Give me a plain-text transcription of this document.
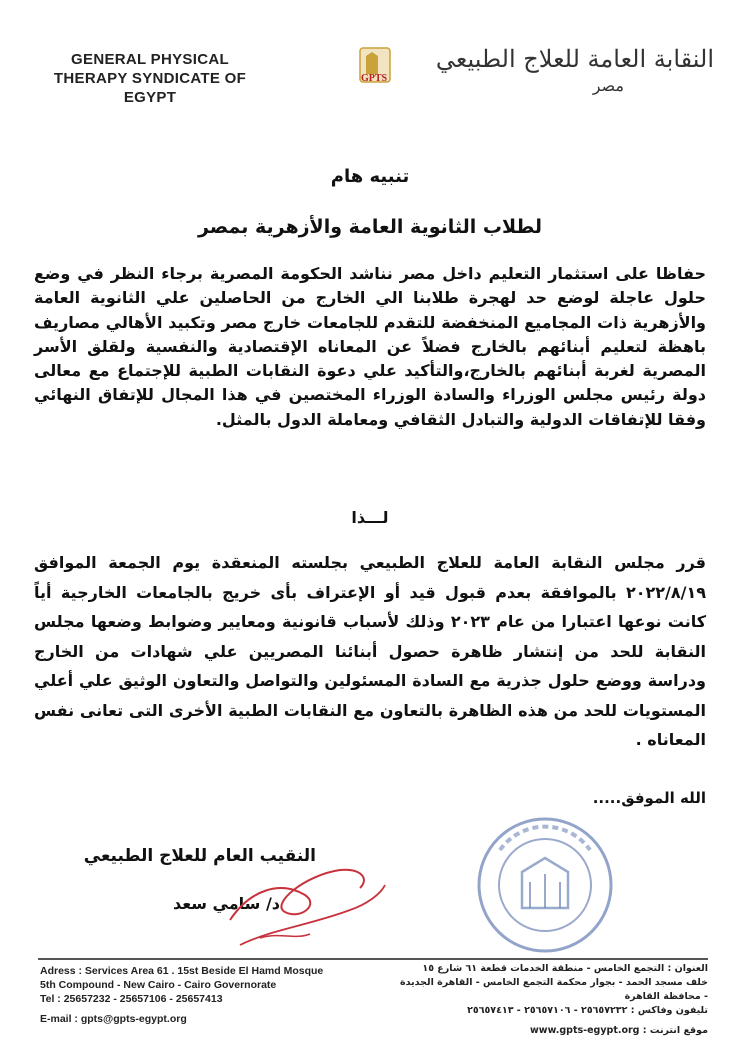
GENERAL PHYSICAL THERAPY SYNDICATE OF EGYPT
GPTS
النقابة العامة للعلاج الطبيعي
مصر
تنبيه هام
لطلاب الثانوية العامة والأزهرية بمصر
حفاظا على استثمار التعليم داخل مصر نناشد الحكومة المصرية برجاء النظر في وضع حلول عاجلة لوضع حد لهجرة طلابنا الي الخارج من الحاصلين علي الثانوية العامة والأزهرية ذات المجاميع المنخفضة للتقدم للجامعات خارج مصر وتكبيد الأهالي مصاريف باهظة لتعليم أبنائهم بالخارج فضلاً عن المعاناه الإقتصادية والنفسية ولقلق الأسر المصرية لغربة أبنائهم بالخارج،والتأكيد علي دعوة النقابات الطبية للإجتماع مع معالى دولة رئيس مجلس الوزراء والسادة الوزراء المختصين في هذا المجال للإتفاق النهائي وفقا للإتفاقات الدولية والتبادل الثقافي ومعاملة الدول بالمثل.
لـــذا
قرر مجلس النقابة العامة للعلاج الطبيعي بجلسته المنعقدة يوم الجمعة الموافق ٢٠٢٢/٨/١٩ بالموافقة بعدم قبول قيد أو الإعتراف بأى خريج بالجامعات الخارجية أياً كانت نوعها اعتبارا من عام ٢٠٢٣ وذلك لأسباب قانونية ومعايير وضوابط وضعها مجلس النقابة للحد من إنتشار ظاهرة حصول أبنائنا المصريين علي شهادات من الخارج ودراسة ووضع حلول جذرية مع السادة المسئولين والتواصل والتعاون الوثيق علي أعلي المستويات للحد من هذه الظاهرة بالتعاون مع النقابات الطبية الأخرى التى تعانى نفس المعاناه .
الله الموفق.....
النقيب العام للعلاج الطبيعي
د/ سامي سعد
Adress : Services Area 61 . 15st Beside El Hamd Mosque
5th Compound - New Cairo - Cairo Governorate
Tel : 25657232 - 25657106 - 25657413
E-mail : gpts@gpts-egypt.org
العنوان : التجمع الخامس - منطقة الخدمات قطعة ٦١ شارع ١٥
خلف مسجد الحمد - بجوار محكمة التجمع الخامس - القاهرة الجديدة - محافظة القاهرة
تليفون وفاكس : ٢٥٦٥٧٢٣٢ - ٢٥٦٥٧١٠٦ - ٢٥٦٥٧٤١٣
موقع انترنت : www.gpts-egypt.org
